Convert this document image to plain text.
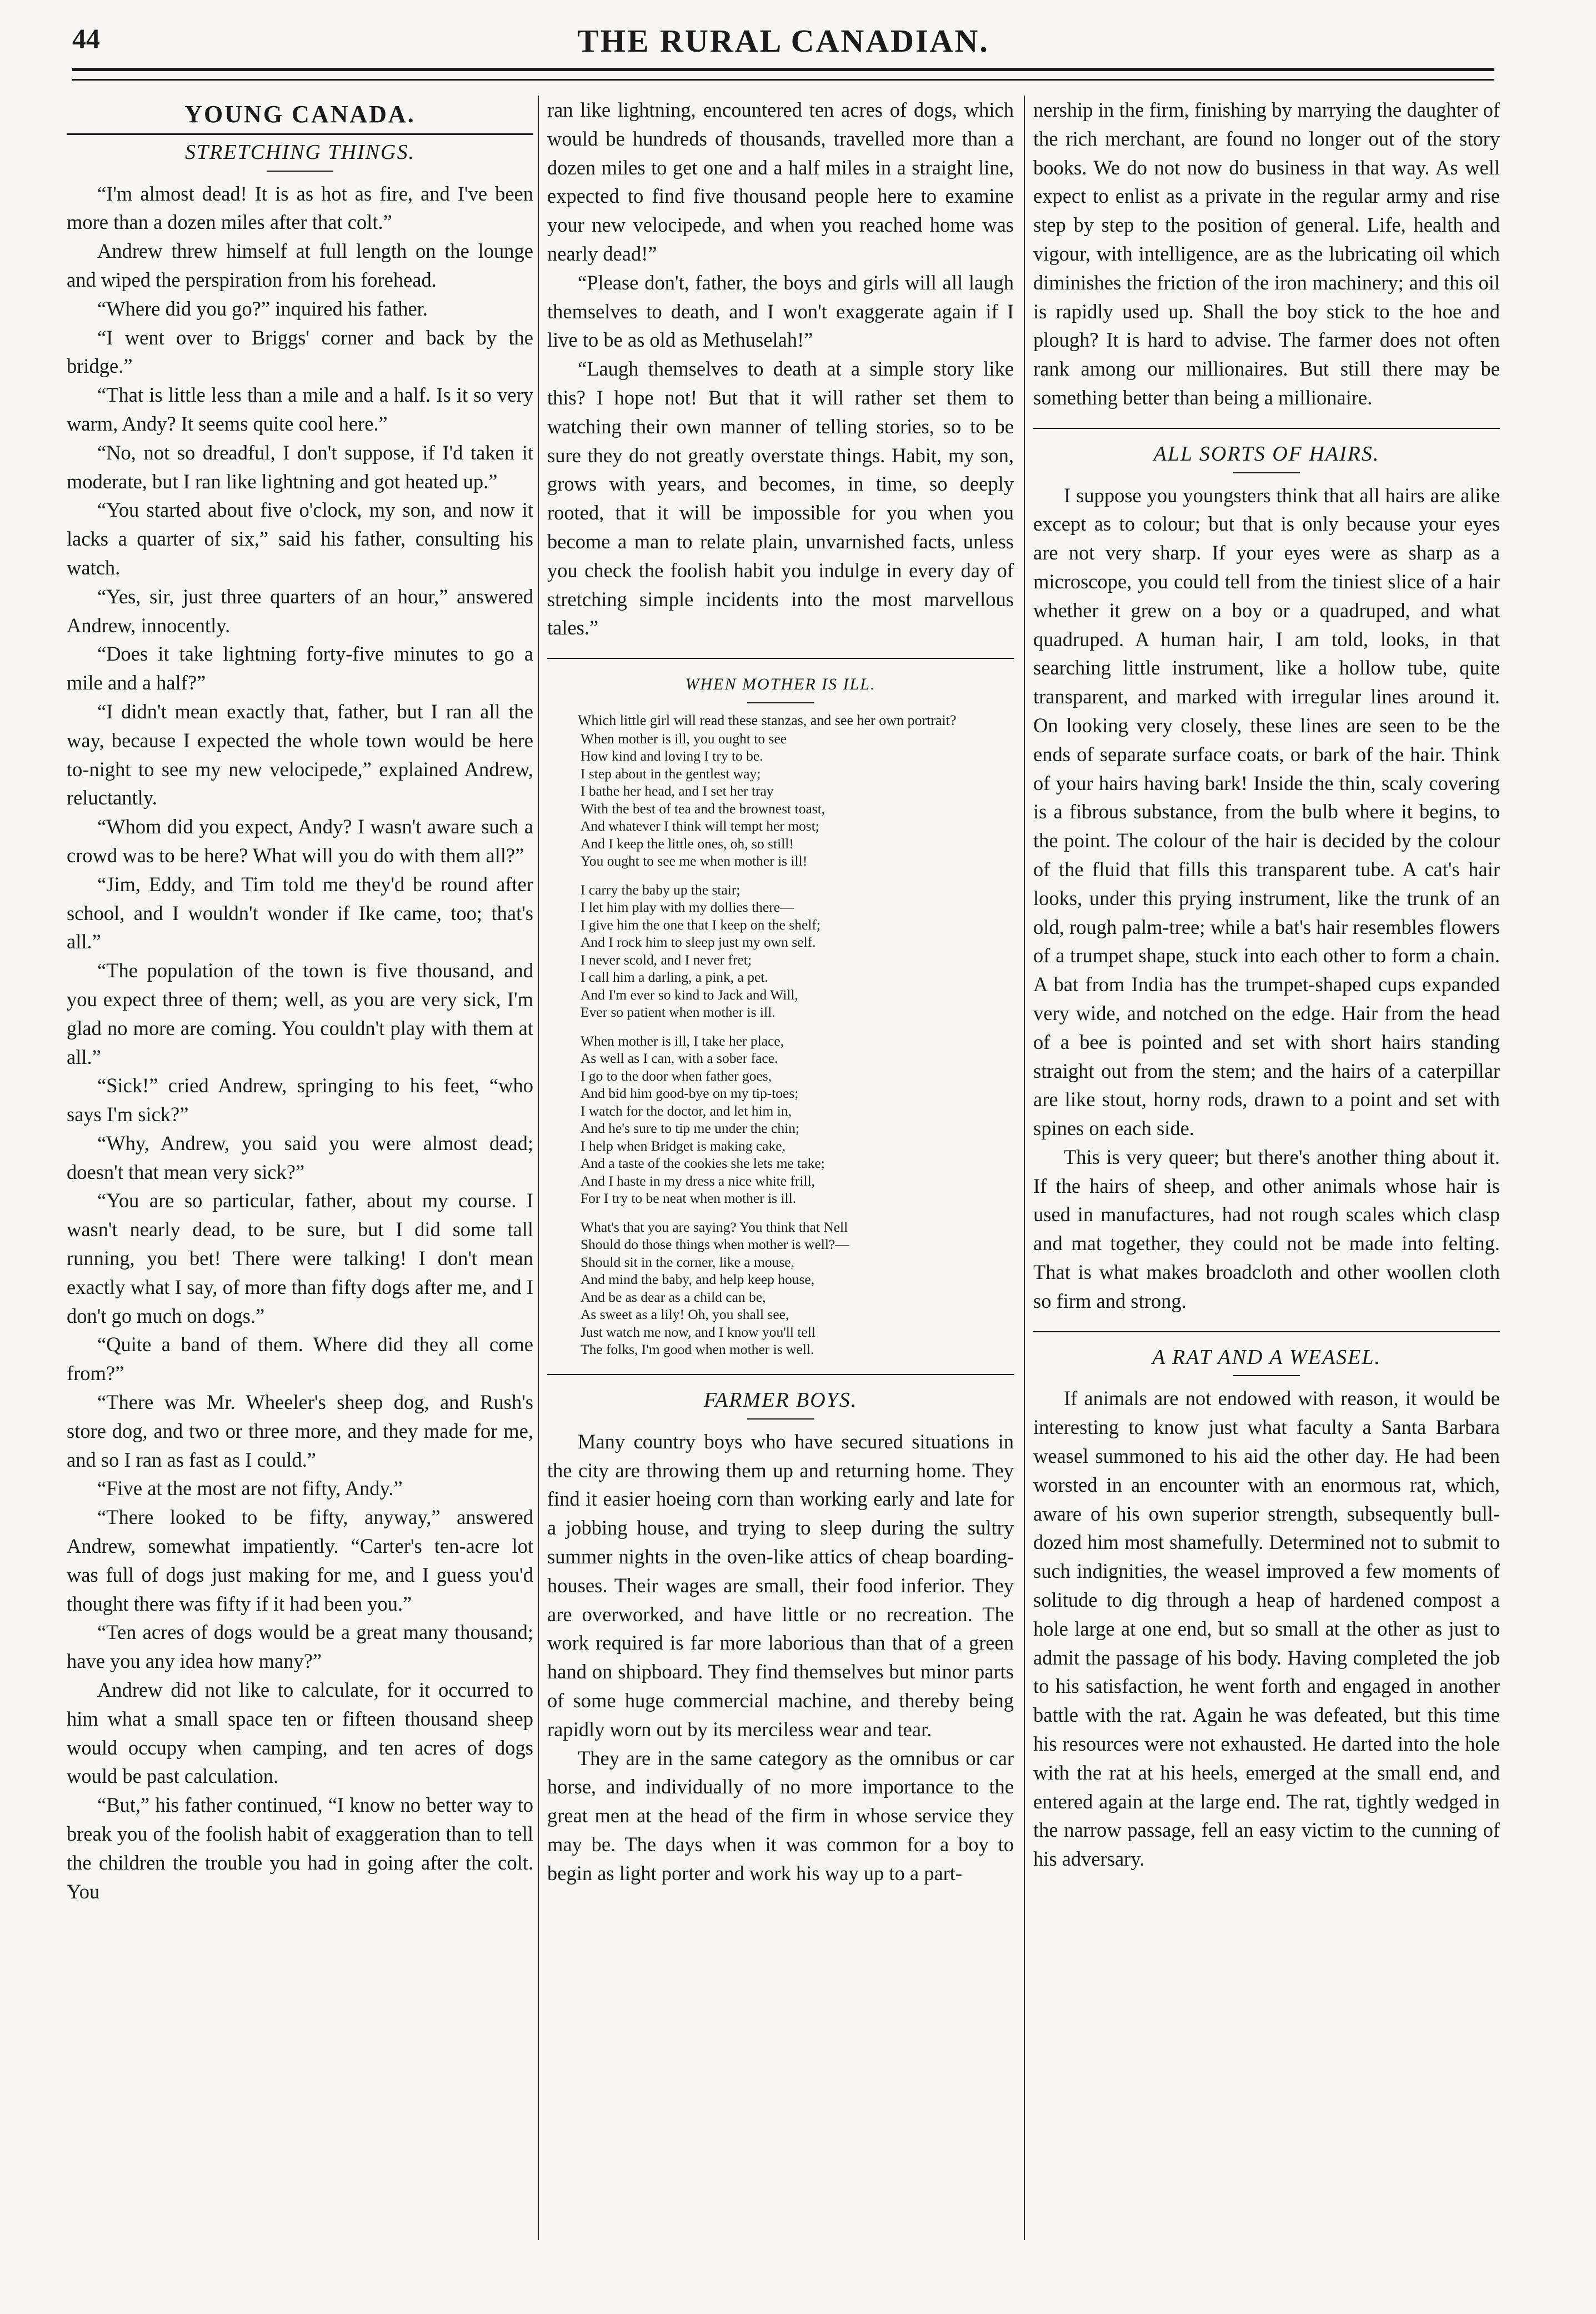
44	THE RURAL CANADIAN.
YOUNG CANADA.
STRETCHING THINGS.

“I'm almost dead! It is as hot as fire, and I've been more than a dozen miles after that colt.”

Andrew threw himself at full length on the lounge and wiped the perspiration from his forehead.

“Where did you go?” inquired his father.

“I went over to Briggs' corner and back by the bridge.”

“That is little less than a mile and a half. Is it so very warm, Andy? It seems quite cool here.”

“No, not so dreadful, I don't suppose, if I'd taken it moderate, but I ran like lightning and got heated up.”

“You started about five o'clock, my son, and now it lacks a quarter of six,” said his father, consulting his watch.

“Yes, sir, just three quarters of an hour,” answered Andrew, innocently.

“Does it take lightning forty-five minutes to go a mile and a half?”

“I didn't mean exactly that, father, but I ran all the way, because I expected the whole town would be here to-night to see my new velocipede,” explained Andrew, reluctantly.

“Whom did you expect, Andy? I wasn't aware such a crowd was to be here? What will you do with them all?”

“Jim, Eddy, and Tim told me they'd be round after school, and I wouldn't wonder if Ike came, too; that's all.”

“The population of the town is five thousand, and you expect three of them; well, as you are very sick, I'm glad no more are coming. You couldn't play with them at all.”

“Sick!” cried Andrew, springing to his feet, “who says I'm sick?”

“Why, Andrew, you said you were almost dead; doesn't that mean very sick?”

“You are so particular, father, about my course. I wasn't nearly dead, to be sure, but I did some tall running, you bet! There were talking! I don't mean exactly what I say, of more than fifty dogs after me, and I don't go much on dogs.”

“Quite a band of them. Where did they all come from?”

“There was Mr. Wheeler's sheep dog, and Rush's store dog, and two or three more, and they made for me, and so I ran as fast as I could.”

“Five at the most are not fifty, Andy.”

“There looked to be fifty, anyway,” answered Andrew, somewhat impatiently. “Carter's ten-acre lot was full of dogs just making for me, and I guess you'd thought there was fifty if it had been you.”

“Ten acres of dogs would be a great many thousand; have you any idea how many?”

Andrew did not like to calculate, for it occurred to him what a small space ten or fifteen thousand sheep would occupy when camping, and ten acres of dogs would be past calculation.

“But,” his father continued, “I know no better way to break you of the foolish habit of exaggeration than to tell the children the trouble you had in going after the colt. You

ran like lightning, encountered ten acres of dogs, which would be hundreds of thousands, travelled more than a dozen miles to get one and a half miles in a straight line, expected to find five thousand people here to examine your new velocipede, and when you reached home was nearly dead!”

“Please don't, father, the boys and girls will all laugh themselves to death, and I won't exaggerate again if I live to be as old as Methuselah!”

“Laugh themselves to death at a simple story like this? I hope not! But that it will rather set them to watching their own manner of telling stories, so to be sure they do not greatly overstate things. Habit, my son, grows with years, and becomes, in time, so deeply rooted, that it will be impossible for you when you become a man to relate plain, unvarnished facts, unless you check the foolish habit you indulge in every day of stretching simple incidents into the most marvellous tales.”

WHEN MOTHER IS ILL.

Which little girl will read these stanzas, and see her own portrait?

When mother is ill, you ought to see
How kind and loving I try to be.
I step about in the gentlest way;
I bathe her head, and I set her tray
With the best of tea and the brownest toast,
And whatever I think will tempt her most;
And I keep the little ones, oh, so still!
You ought to see me when mother is ill!
I carry the baby up the stair;
I let him play with my dollies there—
I give him the one that I keep on the shelf;
And I rock him to sleep just my own self.
I never scold, and I never fret;
I call him a darling, a pink, a pet.
And I'm ever so kind to Jack and Will,
Ever so patient when mother is ill.
When mother is ill, I take her place,
As well as I can, with a sober face.
I go to the door when father goes,
And bid him good-bye on my tip-toes;
I watch for the doctor, and let him in,
And he's sure to tip me under the chin;
I help when Bridget is making cake,
And a taste of the cookies she lets me take;
And I haste in my dress a nice white frill,
For I try to be neat when mother is ill.
What's that you are saying? You think that Nell
Should do those things when mother is well?—
Should sit in the corner, like a mouse,
And mind the baby, and help keep house,
And be as dear as a child can be,
As sweet as a lily! Oh, you shall see,
Just watch me now, and I know you'll tell
The folks, I'm good when mother is well.
FARMER BOYS.

Many country boys who have secured situations in the city are throwing them up and returning home. They find it easier hoeing corn than working early and late for a jobbing house, and trying to sleep during the sultry summer nights in the oven-like attics of cheap boarding-houses. Their wages are small, their food inferior. They are overworked, and have little or no recreation. The work required is far more laborious than that of a green hand on shipboard. They find themselves but minor parts of some huge commercial machine, and thereby being rapidly worn out by its merciless wear and tear.

They are in the same category as the omnibus or car horse, and individually of no more importance to the great men at the head of the firm in whose service they may be. The days when it was common for a boy to begin as light porter and work his way up to a part-

nership in the firm, finishing by marrying the daughter of the rich merchant, are found no longer out of the story books. We do not now do business in that way. As well expect to enlist as a private in the regular army and rise step by step to the position of general. Life, health and vigour, with intelligence, are as the lubricating oil which diminishes the friction of the iron machinery; and this oil is rapidly used up. Shall the boy stick to the hoe and plough? It is hard to advise. The farmer does not often rank among our millionaires. But still there may be something better than being a millionaire.

ALL SORTS OF HAIRS.

I suppose you youngsters think that all hairs are alike except as to colour; but that is only because your eyes are not very sharp. If your eyes were as sharp as a microscope, you could tell from the tiniest slice of a hair whether it grew on a boy or a quadruped, and what quadruped. A human hair, I am told, looks, in that searching little instrument, like a hollow tube, quite transparent, and marked with irregular lines around it. On looking very closely, these lines are seen to be the ends of separate surface coats, or bark of the hair. Think of your hairs having bark! Inside the thin, scaly covering is a fibrous substance, from the bulb where it begins, to the point. The colour of the hair is decided by the colour of the fluid that fills this transparent tube. A cat's hair looks, under this prying instrument, like the trunk of an old, rough palm-tree; while a bat's hair resembles flowers of a trumpet shape, stuck into each other to form a chain. A bat from India has the trumpet-shaped cups expanded very wide, and notched on the edge. Hair from the head of a bee is pointed and set with short hairs standing straight out from the stem; and the hairs of a caterpillar are like stout, horny rods, drawn to a point and set with spines on each side.

This is very queer; but there's another thing about it. If the hairs of sheep, and other animals whose hair is used in manufactures, had not rough scales which clasp and mat together, they could not be made into felting. That is what makes broadcloth and other woollen cloth so firm and strong.

A RAT AND A WEASEL.

If animals are not endowed with reason, it would be interesting to know just what faculty a Santa Barbara weasel summoned to his aid the other day. He had been worsted in an encounter with an enormous rat, which, aware of his own superior strength, subsequently bull-dozed him most shamefully. Determined not to submit to such indignities, the weasel improved a few moments of solitude to dig through a heap of hardened compost a hole large at one end, but so small at the other as just to admit the passage of his body. Having completed the job to his satisfaction, he went forth and engaged in another battle with the rat. Again he was defeated, but this time his resources were not exhausted. He darted into the hole with the rat at his heels, emerged at the small end, and entered again at the large end. The rat, tightly wedged in the narrow passage, fell an easy victim to the cunning of his adversary.
